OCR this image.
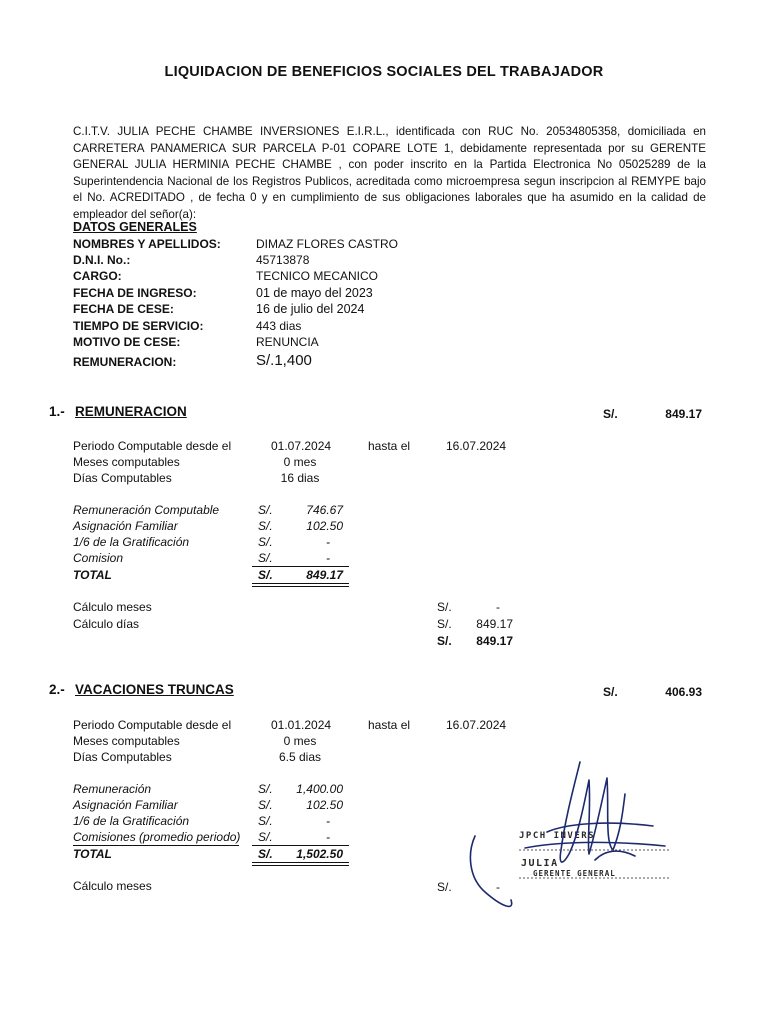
LIQUIDACION DE BENEFICIOS SOCIALES DEL TRABAJADOR
C.I.T.V. JULIA PECHE CHAMBE INVERSIONES E.I.R.L., identificada con RUC No. 20534805358, domiciliada en CARRETERA PANAMERICA SUR PARCELA P-01 COPARE LOTE 1, debidamente representada por su GERENTE GENERAL JULIA HERMINIA PECHE CHAMBE , con poder inscrito en la Partida Electronica No 05025289 de la Superintendencia Nacional de los Registros Publicos, acreditada como microempresa segun inscripcion al REMYPE bajo el No. ACREDITADO , de fecha 0 y en cumplimiento de sus obligaciones laborales que ha asumido en la calidad de empleador del señor(a):
DATOS GENERALES
NOMBRES Y APELLIDOS:	DIMAZ FLORES CASTRO
D.N.I. No.:	45713878
CARGO:	TECNICO MECANICO
FECHA DE INGRESO:	01 de mayo del 2023
FECHA DE CESE:	16 de julio del 2024
TIEMPO DE SERVICIO:	443 dias
MOTIVO DE CESE:	RENUNCIA
REMUNERACION:	S/.1,400
1.- REMUNERACION	S/.	849.17
Periodo Computable desde el	01.07.2024	hasta el	16.07.2024
Meses computables	0 mes
Días Computables	16 dias
Remuneración Computable	S/.	746.67
Asignación Familiar	S/.	102.50
1/6 de la Gratificación	S/.	-
Comision	S/.	-
TOTAL	S/.	849.17
Cálculo meses	S/.	-
Cálculo días	S/.	849.17
S/.	849.17
2.- VACACIONES TRUNCAS	S/.	406.93
Periodo Computable desde el	01.01.2024	hasta el	16.07.2024
Meses computables	0 mes
Días Computables	6.5 dias
Remuneración	S/.	1,400.00
Asignación Familiar	S/.	102.50
1/6 de la Gratificación	S/.	-
Comisiones (promedio periodo) S/.	-
TOTAL	S/.	1,502.50
Cálculo meses	S/.	-
JPCH INVERS
JULIA
GERENTE GENERAL
